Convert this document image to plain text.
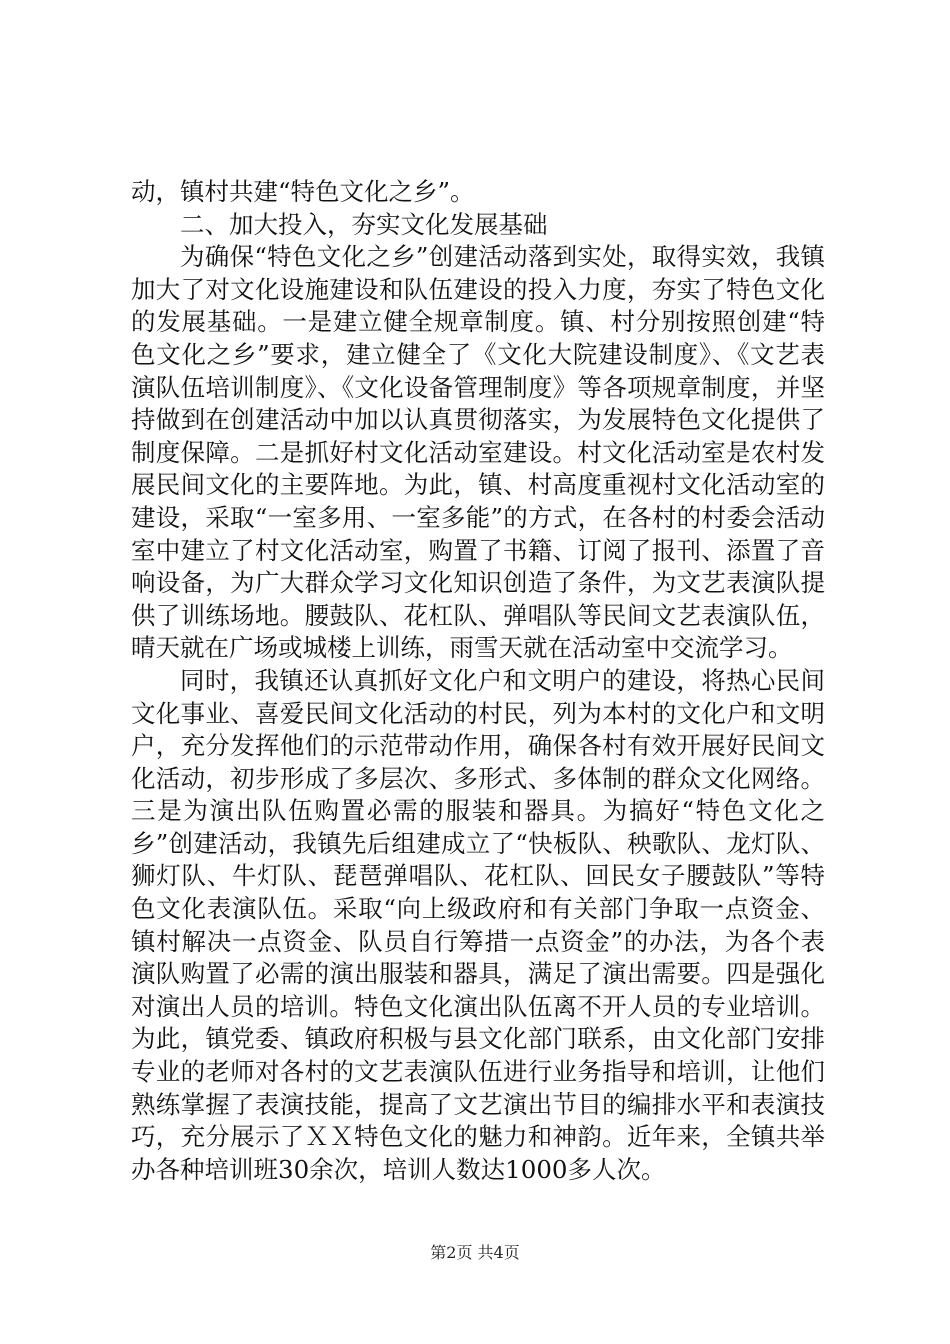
动，镇村共建“特色文化之乡”。

二、加大投入，夯实文化发展基础

为确保“特色文化之乡”创建活动落到实处，取得实效，我镇加大了对文化设施建设和队伍建设的投入力度，夯实了特色文化的发展基础。一是建立健全规章制度。镇、村分别按照创建“特色文化之乡”要求，建立健全了《文化大院建设制度》、《文艺表演队伍培训制度》、《文化设备管理制度》等各项规章制度，并坚持做到在创建活动中加以认真贯彻落实，为发展特色文化提供了制度保障。二是抓好村文化活动室建设。村文化活动室是农村发展民间文化的主要阵地。为此，镇、村高度重视村文化活动室的建设，采取“一室多用、一室多能”的方式，在各村的村委会活动室中建立了村文化活动室，购置了书籍、订阅了报刊、添置了音响设备，为广大群众学习文化知识创造了条件，为文艺表演队提供了训练场地。腰鼓队、花杠队、弹唱队等民间文艺表演队伍，晴天就在广场或城楼上训练，雨雪天就在活动室中交流学习。

同时，我镇还认真抓好文化户和文明户的建设，将热心民间文化事业、喜爱民间文化活动的村民，列为本村的文化户和文明户，充分发挥他们的示范带动作用，确保各村有效开展好民间文化活动，初步形成了多层次、多形式、多体制的群众文化网络。三是为演出队伍购置必需的服装和器具。为搞好“特色文化之乡”创建活动，我镇先后组建成立了“快板队、秧歌队、龙灯队、狮灯队、牛灯队、琵琶弹唱队、花杠队、回民女子腰鼓队”等特色文化表演队伍。采取“向上级政府和有关部门争取一点资金、镇村解决一点资金、队员自行筹措一点资金”的办法，为各个表演队购置了必需的演出服装和器具，满足了演出需要。四是强化对演出人员的培训。特色文化演出队伍离不开人员的专业培训。为此，镇党委、镇政府积极与县文化部门联系，由文化部门安排专业的老师对各村的文艺表演队伍进行业务指导和培训，让他们熟练掌握了表演技能，提高了文艺演出节目的编排水平和表演技巧，充分展示了ＸＸ特色文化的魅力和神韵。近年来，全镇共举办各种培训班30余次，培训人数达1000多人次。

第2页 共4页
